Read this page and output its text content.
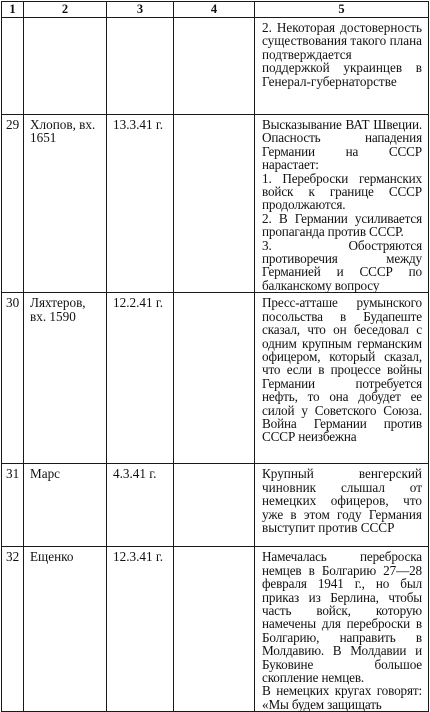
1	2	3	4	5

				2. Некоторая достоверность существования такого плана подтверждается поддержкой украинцев в Генерал-губернаторстве

29	Хлопов, вх. 1651	13.3.41 г.		Высказывание ВАТ Швеции. Опасность нападения Германии на СССР нарастает:
1. Переброски германских войск к границе СССР продолжаются.
2. В Германии усиливается пропаганда против СССР.
3. Обостряются противоречия между Германией и СССР по балканскому вопросу

30	Ляхтеров, вх. 1590	12.2.41 г.		Пресс-атташе румынского посольства в Будапеште сказал, что он беседовал с одним крупным германским офицером, который сказал, что если в процессе войны Германии потребуется нефть, то она добудет ее силой у Советского Союза. Война Германии против СССР неизбежна

31	Марс	4.3.41 г.		Крупный венгерский чиновник слышал от немецких офицеров, что уже в этом году Германия выступит против СССР

32	Ещенко	12.3.41 г.		Намечалась переброска немцев в Болгарию 27—28 февраля 1941 г., но был приказ из Берлина, чтобы часть войск, которую намечены для переброски в Болгарию, направить в Молдавию. В Молдавии и Буковине большое скопление немцев.
В немецких кругах говорят: «Мы будем защищать
